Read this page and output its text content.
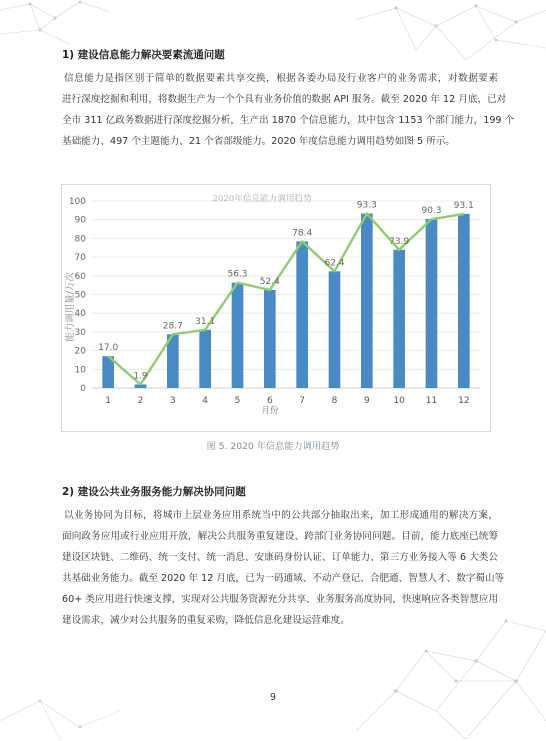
1) 建设信息能力解决要素流通问题
信息能力是指区别于简单的数据要素共享交换，根据各委办局及行业客户的业务需求，对数据要素
进行深度挖掘和利用，将数据生产为一个个具有业务价值的数据 API 服务。截至 2020 年 12 月底，已对
全市 311 亿政务数据进行深度挖掘分析，生产出 1870 个信息能力，其中包含 1153 个部门能力，199 个
基础能力、497 个主题能力、21 个省部级能力。2020 年度信息能力调用趋势如图 5 所示。
17.0
1.9
28.7 31.1
56.3
52.4
78.4
62.4
93.3
73.9
90.3
93.1
0
10
20
30
40
50
60
70
80
90
100
1	2	3	4	5	6	7	8	9	10 11 12
2020年信息能力调用趋势
能力调用量/万次
月份
图 5. 2020 年信息能力调用趋势
2) 建设公共业务服务能力解决协同问题
以业务协同为目标，将城市上层业务应用系统当中的公共部分抽取出来，加工形成通用的解决方案，
面向政务应用或行业应用开放，解决公共服务重复建设、跨部门业务协同问题。目前，能力底座已统筹
建设区块链、二维码、统一支付、统一消息、安康码身份认证、订单能力、第三方业务接入等 6 大类公
共基础业务能力。截至 2020 年 12 月底，已为一码通域、不动产登记、合肥通、智慧人才、数字蜀山等
60+ 类应用进行快速支撑，实现对公共服务资源充分共享、业务服务高度协同，快速响应各类智慧应用
建设需求，减少对公共服务的重复采购，降低信息化建设运营难度。
9
